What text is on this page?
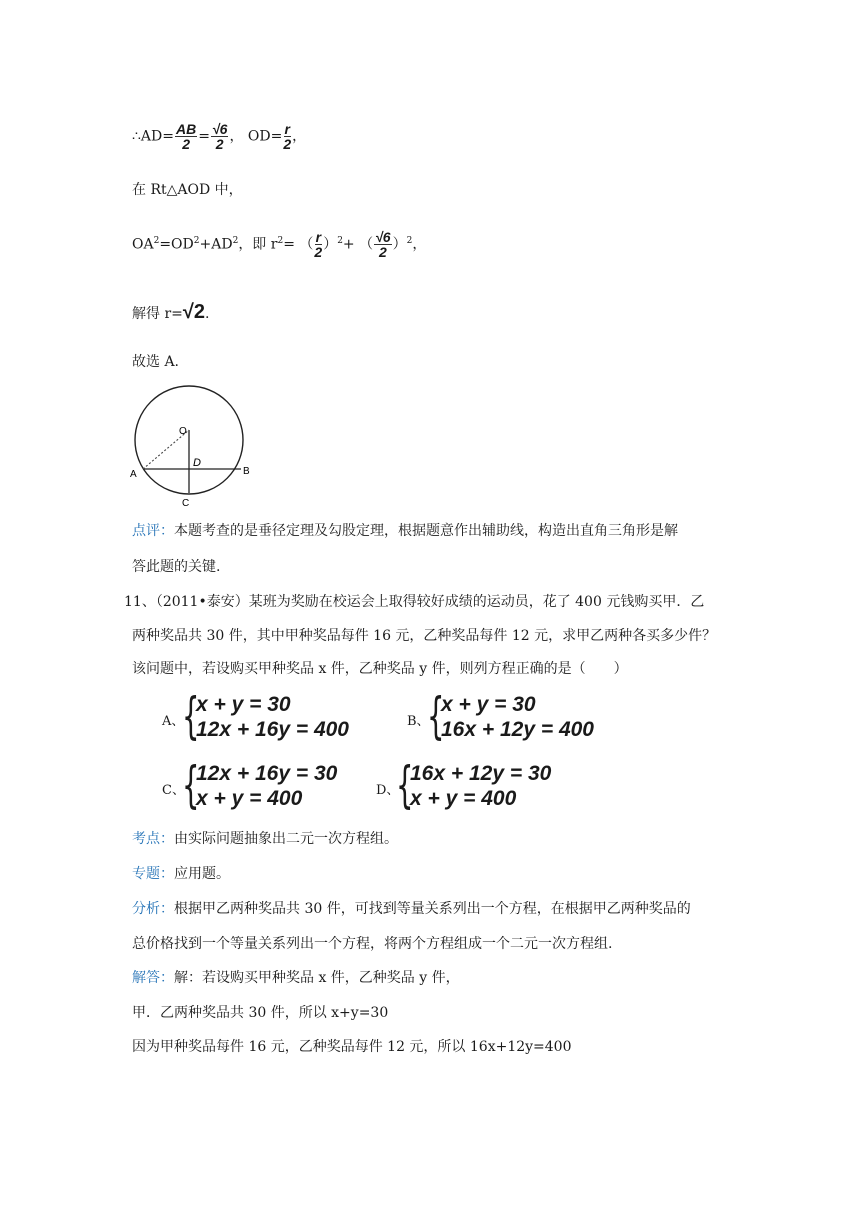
∴AD= $\frac{AB}{2} = \frac{√6}{2}$ ， $OD= \frac{r}{2}$ ，
在 Rt△AOD 中，
$OA^2=OD^2+AD^2$，即 $r^2=$ （ $\frac{r}{2} )^2+$ （ $\frac{√6}{2} )^2$，
解得 r=√2.
故选 A.
O
D
A	B
C
点评：本题考查的是垂径定理及勾股定理，根据题意作出辅助线，构造出直角三角形是解
答此题的关键.
11、（2011•泰安）某班为奖励在校运会上取得较好成绩的运动员，花了 400 元钱购买甲．乙
两种奖品共 30 件，其中甲种奖品每件 16 元，乙种奖品每件 12 元，求甲乙两种各买多少件？
该问题中，若设购买甲种奖品 x 件，乙种奖品 y 件，则列方程正确的是（　　）
A、
{
x + y = 30
12x + 16y = 400	B、
{
x + y = 30
16x + 12y = 400
C、
{
12x + 16y = 30
x + y = 400	D、
{
16x + 12y = 30
x + y = 400
考点：由实际问题抽象出二元一次方程组。
专题：应用题。
分析：根据甲乙两种奖品共 30 件，可找到等量关系列出一个方程，在根据甲乙两种奖品的
总价格找到一个等量关系列出一个方程，将两个方程组成一个二元一次方程组.
解答：解：若设购买甲种奖品 x 件，乙种奖品 y 件，
甲．乙两种奖品共 30 件，所以 x+y=30
因为甲种奖品每件 16 元，乙种奖品每件 12 元，所以 16x+12y=400
